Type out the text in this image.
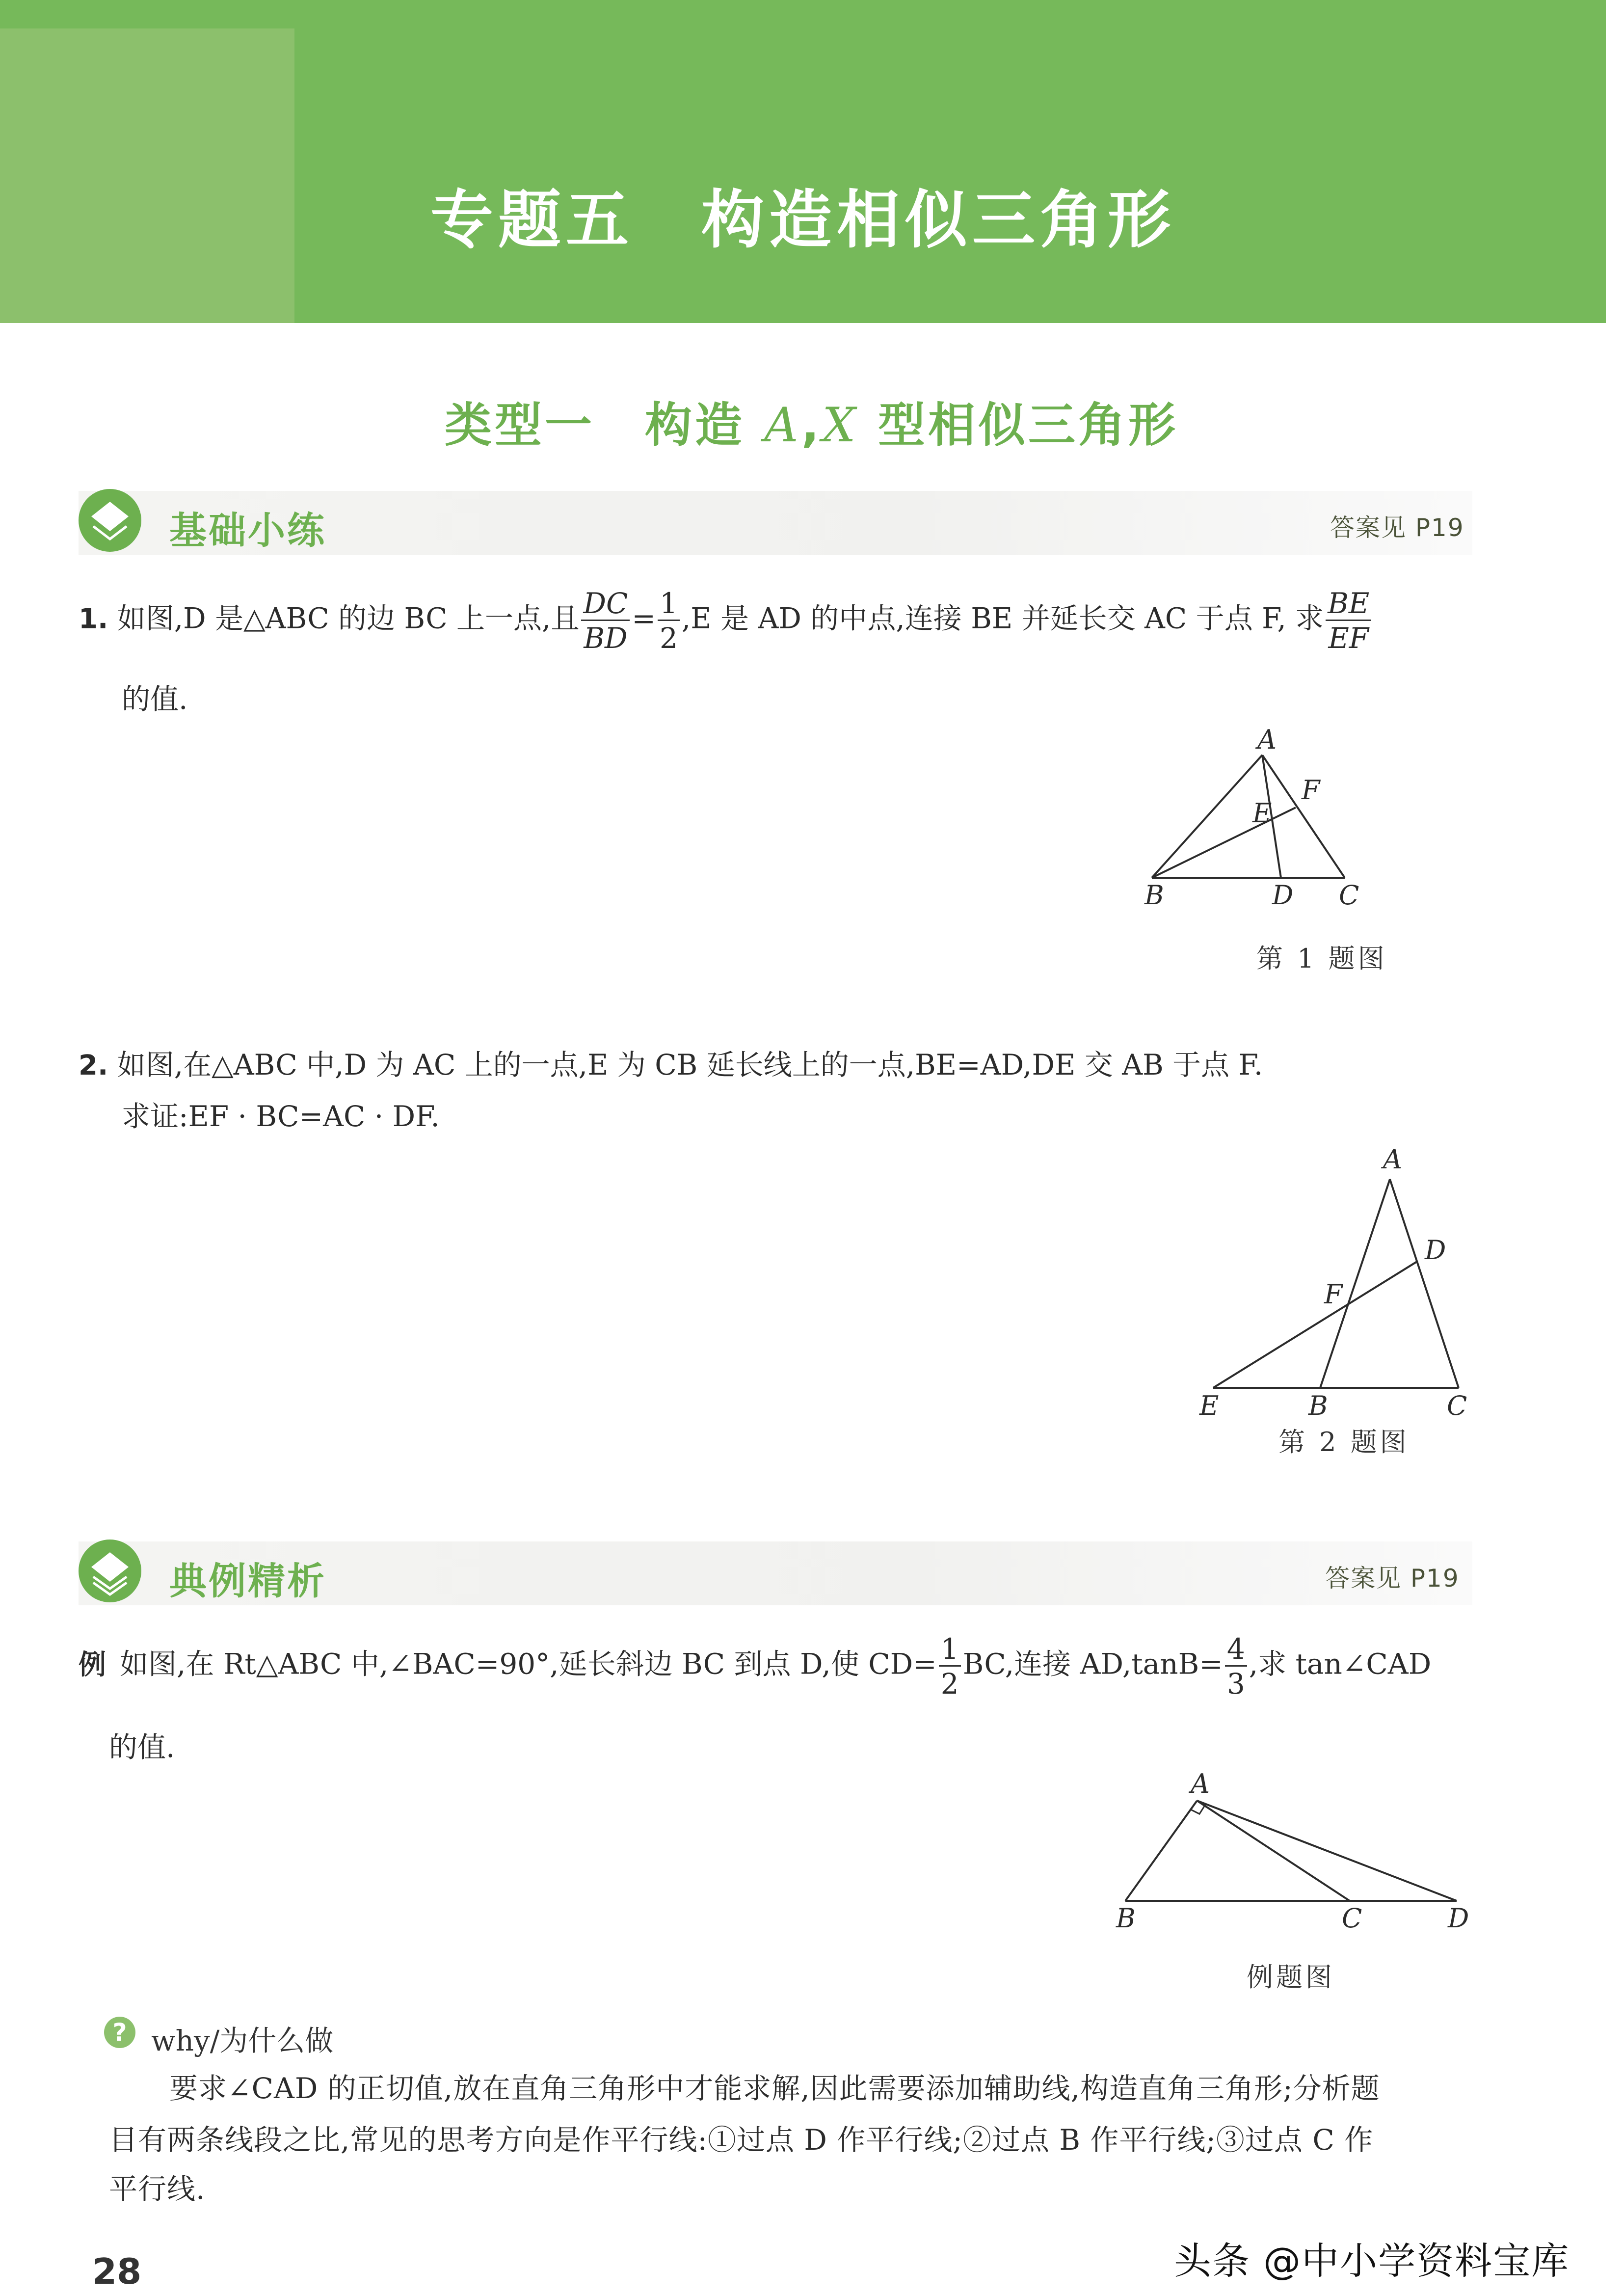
专题五　构造相似三角形
类型一　构造 A,X 型相似三角形
基础小练	答案见 P19
1. 如图,D 是△ABC 的边 BC 上一点,且 $\frac{DC}{BD} = \frac{1}{2} ,E$ 是 AD 的中点,连接 BE 并延长交 AC 于点 F, 求 $\frac{BE}{EF}$
的值.
A
E
F
B	D C
第 1 题图
2. 如图,在△ABC 中,D 为 AC 上的一点,E 为 CB 延长线上的一点,BE=AD,DE 交 AB 于点 F.
求证:EF · BC=AC · DF.
A
D
F
E	B	C
第 2 题图
典例精析	答案见 P19
例 如图,在 Rt△ABC 中,∠BAC=90°,延长斜边 BC 到点 D,使 $CD= \frac{1}{2}$ BC,连接 $AD,\tan B= \frac{4}{3}$ ,求 tan∠CAD
的值.
A
B	C	D
例题图
? why/为什么做
要求∠CAD 的正切值,放在直角三角形中才能求解,因此需要添加辅助线,构造直角三角形;分析题
目有两条线段之比,常见的思考方向是作平行线:①过点 D 作平行线;②过点 B 作平行线;③过点 C 作
平行线.
28	头条 @中小学资料宝库
